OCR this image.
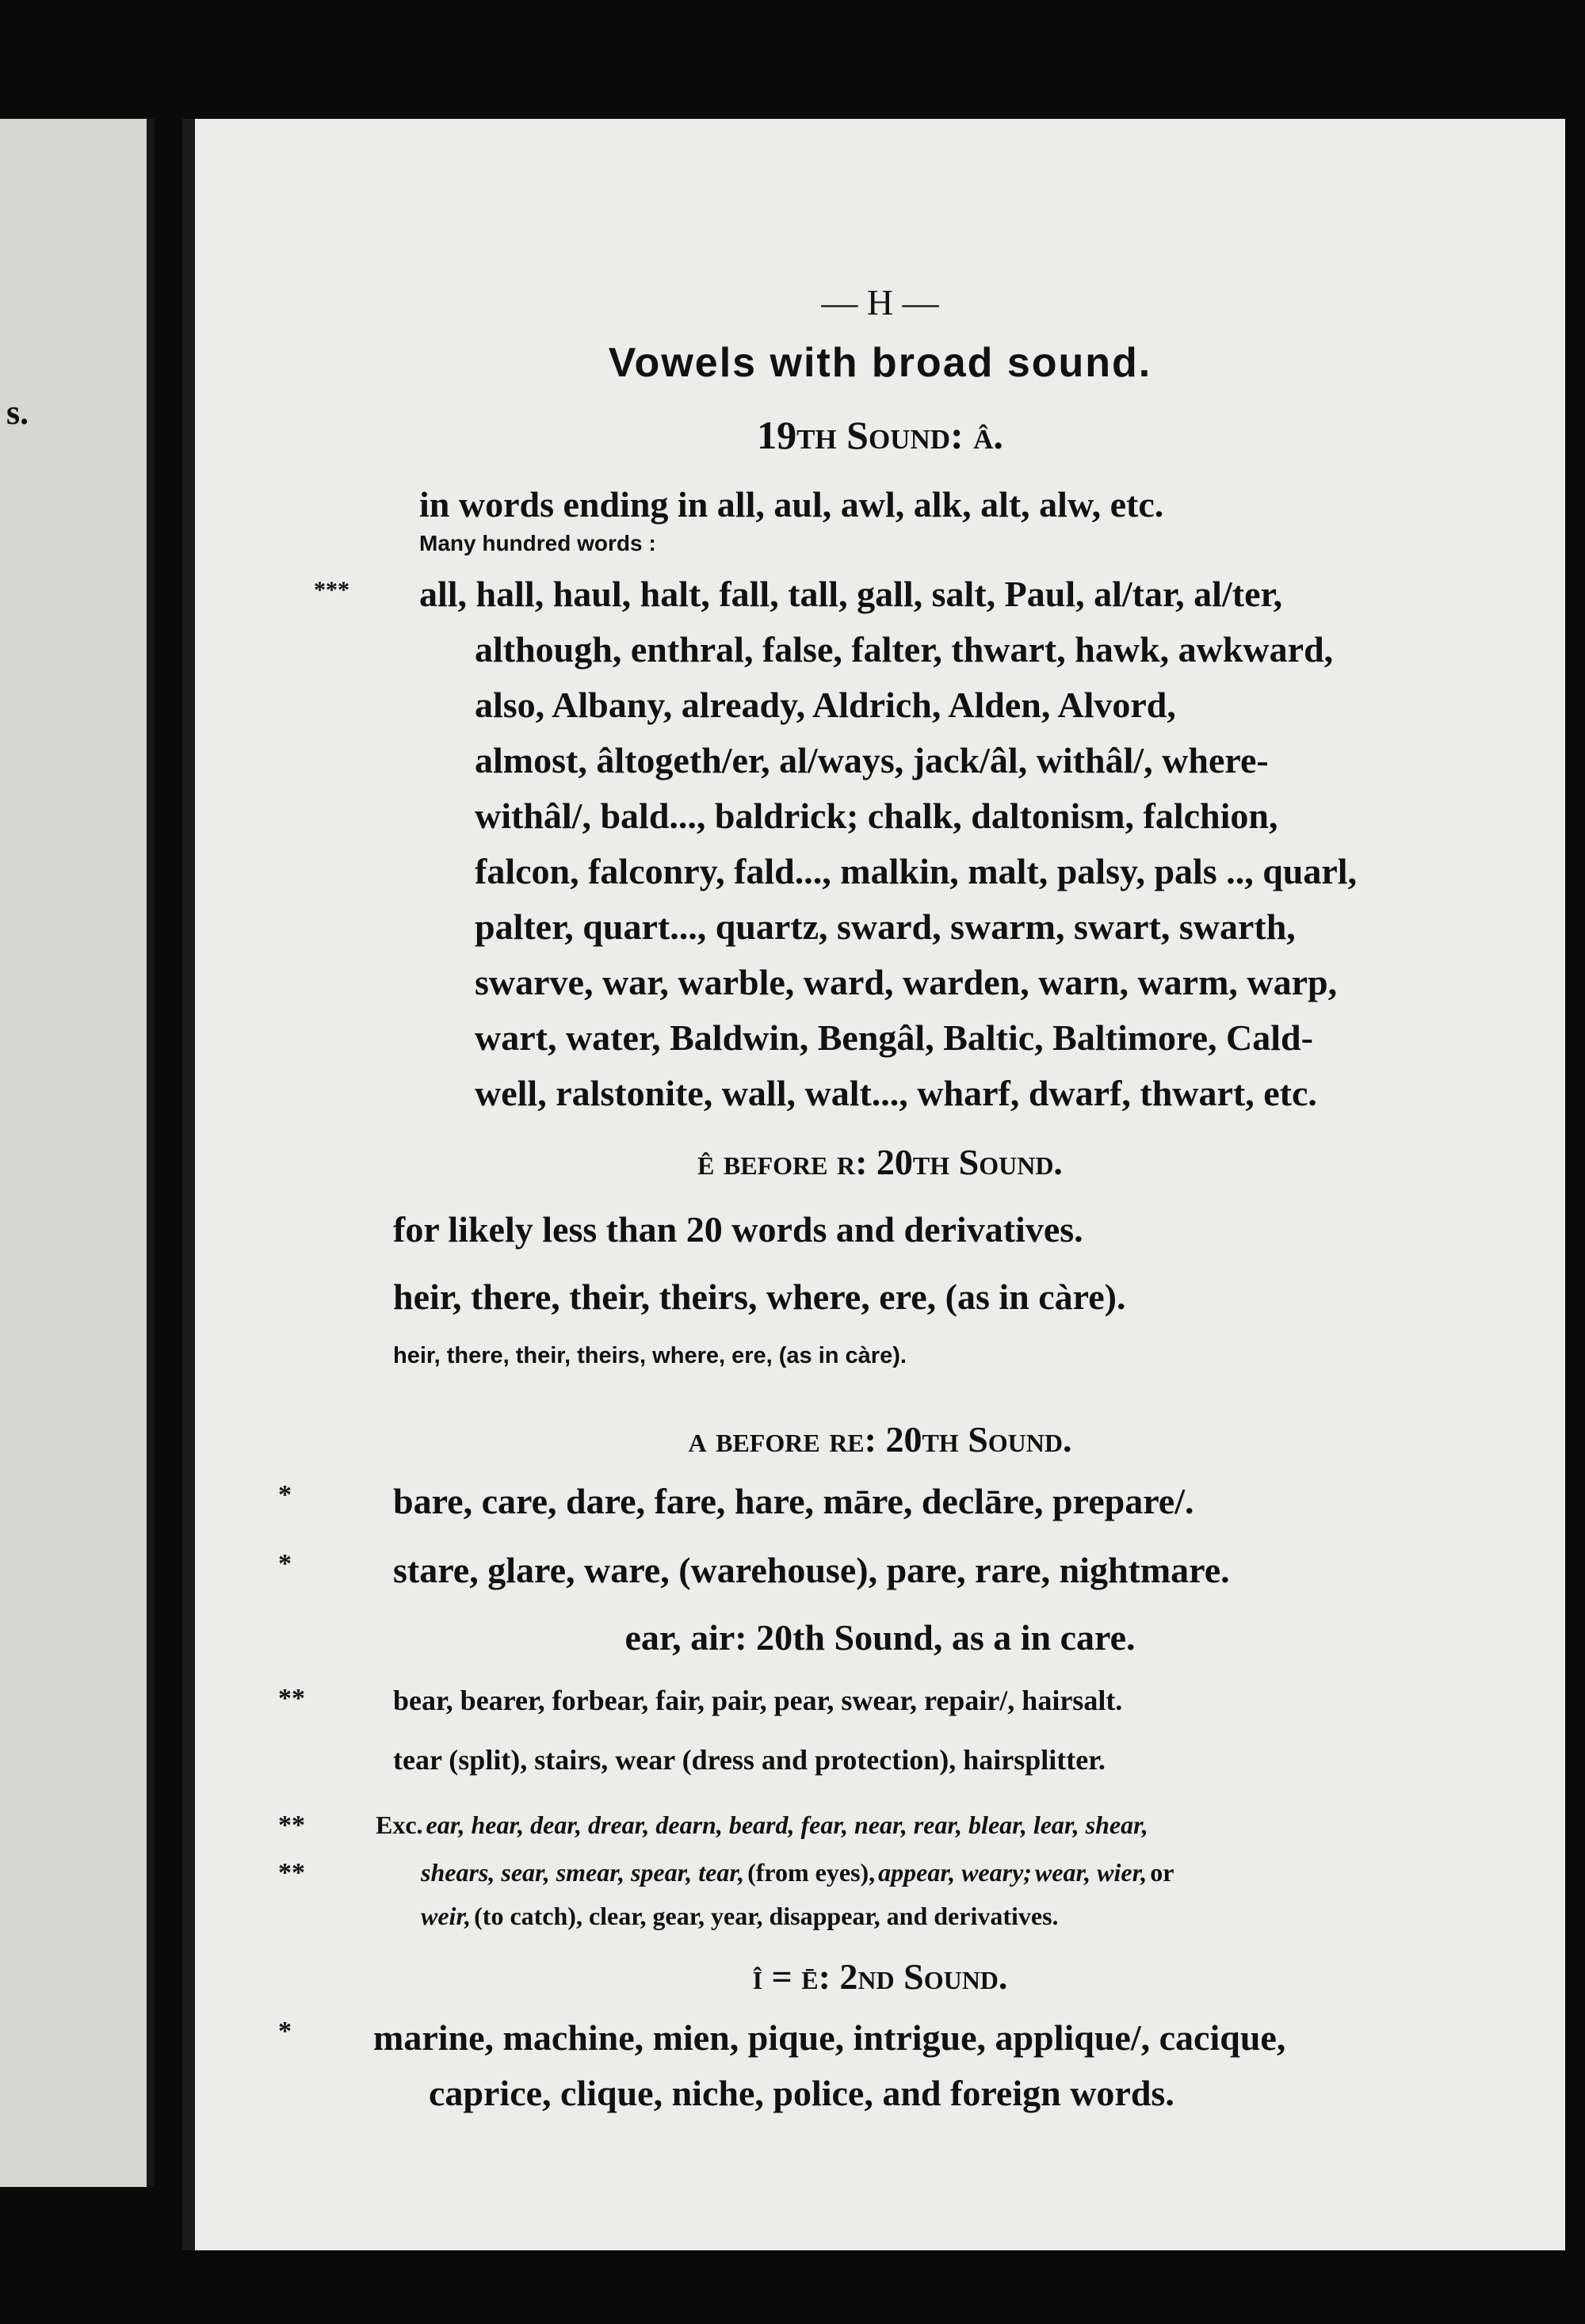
s.
— H —
Vowels with broad sound.
19th Sound: â.
in words ending in all, aul, awl, alk, alt, alw, etc.
Many hundred words :
*** all, hall, haul, halt, fall, tall, gall, salt, Paul, al/tar, al/ter,
although, enthral, false, falter, thwart, hawk, awkward,
also, Albany, already, Aldrich, Alden, Alvord,
almost, âltogeth/er, al/ways, jack/âl, withâl/, where-
withâl/, bald..., baldrick; chalk, daltonism, falchion,
falcon, falconry, fald..., malkin, malt, palsy, pals .., quarl,
palter, quart..., quartz, sward, swarm, swart, swarth,
swarve, war, warble, ward, warden, warn, warm, warp,
wart, water, Baldwin, Bengâl, Baltic, Baltimore, Cald-
well, ralstonite, wall, walt..., wharf, dwarf, thwart, etc.
ê before r: 20th Sound.
for likely less than 20 words and derivatives.
heir, there, their, theirs, where, ere, (as in càre).
heir, there, their, theirs, where, ere, (as in càre).
a before re: 20th Sound.
*	bare, care, dare, fare, hare, māre, declāre, prepare/.
*	stare, glare, ware, (warehouse), pare, rare, nightmare.
ear, air: 20th Sound, as a in care.
**	bear, bearer, forbear, fair, pair, pear, swear, repair/, hairsalt.
tear (split), stairs, wear (dress and protection), hairsplitter.
**	Exc. ear, hear, dear, drear, dearn, beard, fear, near, rear, blear, lear, shear,
**	shears, sear, smear, spear, tear, (from eyes), appear, weary; wear, wier, or
weir, (to catch), clear, gear, year, disappear, and derivatives.
î = ē: 2nd Sound.
* marine, machine, mien, pique, intrigue, applique/, cacique,
caprice, clique, niche, police, and foreign words.
